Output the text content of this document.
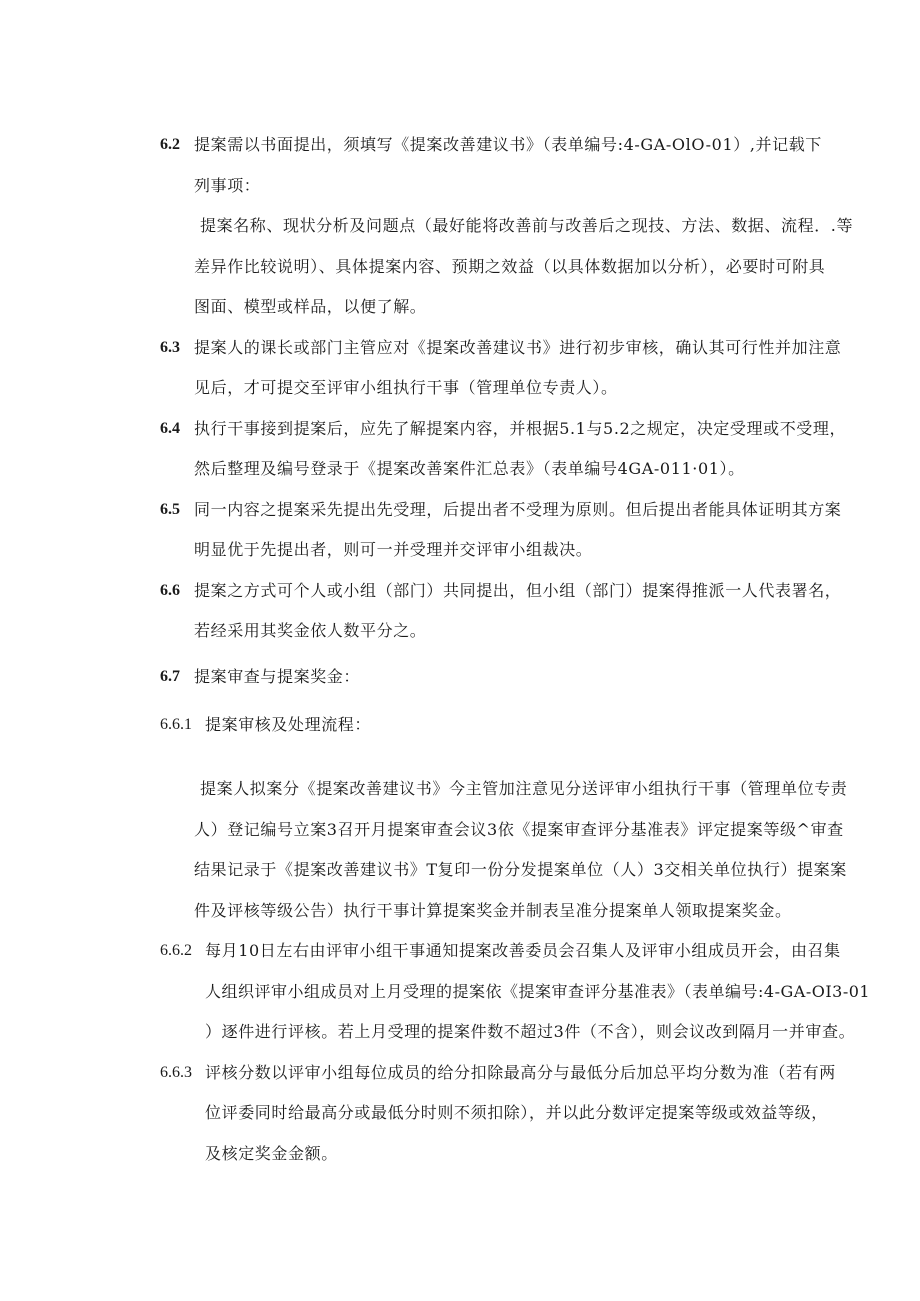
6.2 提案需以书面提出，须填写《提案改善建议书》（表单编号:4-GA-OlO-01）,并记载下
列事项：
提案名称、现状分析及问题点（最好能将改善前与改善后之现技、方法、数据、流程．.等
差异作比较说明）、具体提案内容、预期之效益（以具体数据加以分析），必要时可附具
图面、模型或样品，以便了解。
6.3 提案人的课长或部门主管应对《提案改善建议书》进行初步审核，确认其可行性并加注意
见后，才可提交至评审小组执行干事（管理单位专责人）。
6.4 执行干事接到提案后，应先了解提案内容，并根据5.1与5.2之规定，决定受理或不受理，
然后整理及编号登录于《提案改善案件汇总表》（表单编号4GA-011·01）。
6.5 同一内容之提案采先提出先受理，后提出者不受理为原则。但后提出者能具体证明其方案
明显优于先提出者，则可一并受理并交评审小组裁决。
6.6 提案之方式可个人或小组（部门）共同提出，但小组（部门）提案得推派一人代表署名，
若经采用其奖金依人数平分之。
6.7 提案审查与提案奖金：
6.6.1 提案审核及处理流程：
提案人拟案分《提案改善建议书》今主管加注意见分送评审小组执行干事（管理单位专责
人）登记编号立案3召开月提案审查会议3依《提案审查评分基准表》评定提案等级^审查
结果记录于《提案改善建议书》T复印一份分发提案单位（人）3交相关单位执行）提案案
件及评核等级公告）执行干事计算提案奖金并制表呈准分提案单人领取提案奖金。
6.6.2 每月10日左右由评审小组干事通知提案改善委员会召集人及评审小组成员开会，由召集
人组织评审小组成员对上月受理的提案依《提案审查评分基准表》（表单编号:4-GA-OI3-01
）逐件进行评核。若上月受理的提案件数不超过3件（不含），则会议改到隔月一并审查。
6.6.3 评核分数以评审小组每位成员的给分扣除最高分与最低分后加总平均分数为准（若有两
位评委同时给最高分或最低分时则不须扣除），并以此分数评定提案等级或效益等级，
及核定奖金金额。
